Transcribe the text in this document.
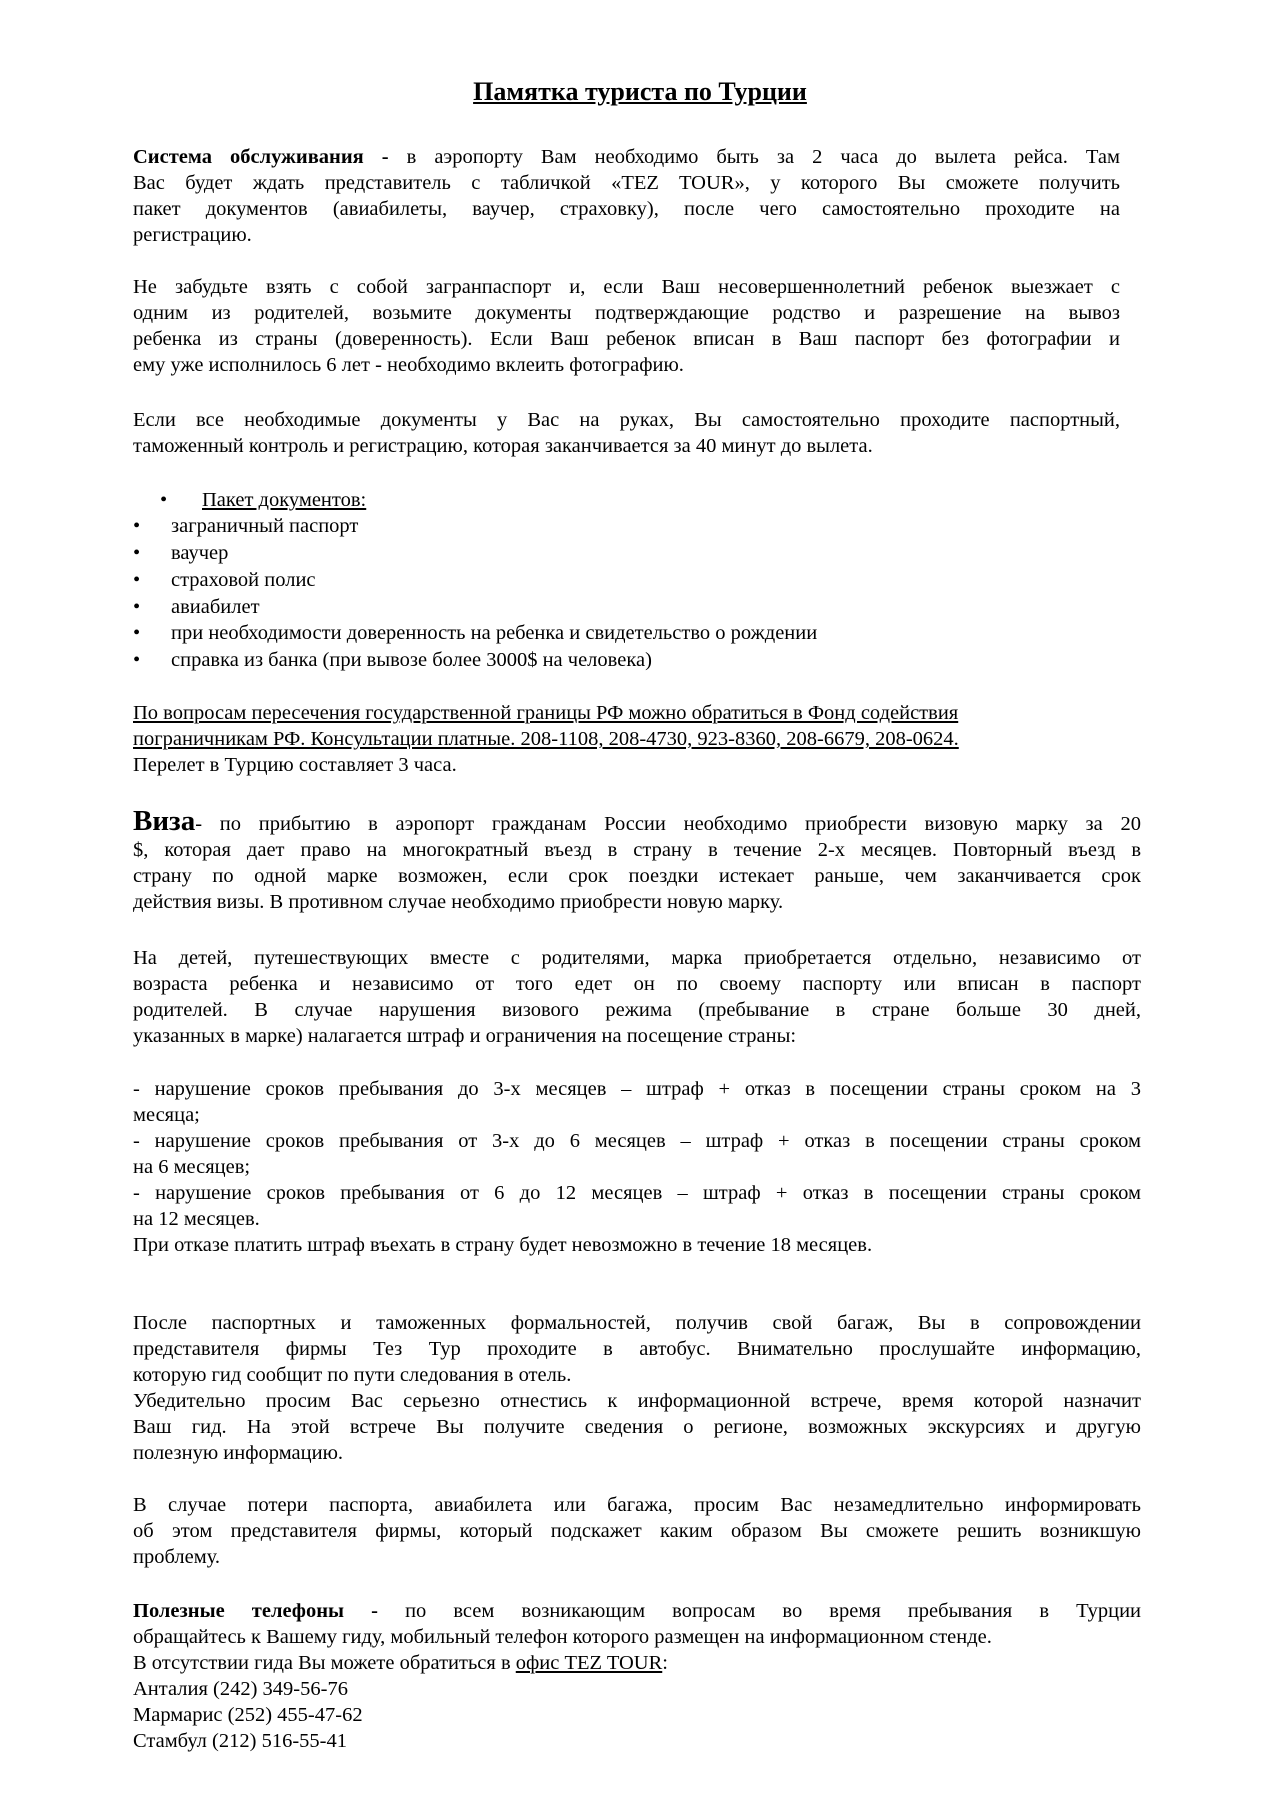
Памятка туриста по Турции
Система обслуживания - в аэропорту Вам необходимо быть за 2 часа до вылета рейса. Там
Вас будет ждать представитель с табличкой «TEZ TOUR», у которого Вы сможете получить
пакет документов (авиабилеты, ваучер, страховку), после чего самостоятельно проходите на
регистрацию.
Не забудьте взять с собой загранпаспорт и, если Ваш несовершеннолетний ребенок выезжает с
одним из родителей, возьмите документы подтверждающие родство и разрешение на вывоз
ребенка из страны (доверенность). Если Ваш ребенок вписан в Ваш паспорт без фотографии и
ему уже исполнилось 6 лет - необходимо вклеить фотографию.
Если все необходимые документы у Вас на руках, Вы самостоятельно проходите паспортный,
таможенный контроль и регистрацию, которая заканчивается за 40 минут до вылета.
• Пакет документов:
• заграничный паспорт
• ваучер
• страховой полис
• авиабилет
• при необходимости доверенность на ребенка и свидетельство о рождении
• справка из банка (при вывозе более 3000$ на человека)
По вопросам пересечения государственной границы РФ можно обратиться в Фонд содействия
пограничникам РФ. Консультации платные. 208-1108, 208-4730, 923-8360, 208-6679, 208-0624.
Перелет в Турцию составляет 3 часа.
Виза- по прибытию в аэропорт гражданам России необходимо приобрести визовую марку за 20
$, которая дает право на многократный въезд в страну в течение 2-х месяцев. Повторный въезд в
страну по одной марке возможен, если срок поездки истекает раньше, чем заканчивается срок
действия визы. В противном случае необходимо приобрести новую марку.
На детей, путешествующих вместе с родителями, марка приобретается отдельно, независимо от
возраста ребенка и независимо от того едет он по своему паспорту или вписан в паспорт
родителей. В случае нарушения визового режима (пребывание в стране больше 30 дней,
указанных в марке) налагается штраф и ограничения на посещение страны:
- нарушение сроков пребывания до 3-х месяцев – штраф + отказ в посещении страны сроком на 3
месяца;
- нарушение сроков пребывания от 3-х до 6 месяцев – штраф + отказ в посещении страны сроком
на 6 месяцев;
- нарушение сроков пребывания от 6 до 12 месяцев – штраф + отказ в посещении страны сроком
на 12 месяцев.
При отказе платить штраф въехать в страну будет невозможно в течение 18 месяцев.
После паспортных и таможенных формальностей, получив свой багаж, Вы в сопровождении
представителя фирмы Тез Тур проходите в автобус. Внимательно прослушайте информацию,
которую гид сообщит по пути следования в отель.
Убедительно просим Вас серьезно отнестись к информационной встрече, время которой назначит
Ваш гид. На этой встрече Вы получите сведения о регионе, возможных экскурсиях и другую
полезную информацию.
В случае потери паспорта, авиабилета или багажа, просим Вас незамедлительно информировать
об этом представителя фирмы, который подскажет каким образом Вы сможете решить возникшую
проблему.
Полезные телефоны - по всем возникающим вопросам во время пребывания в Турции
обращайтесь к Вашему гиду, мобильный телефон которого размещен на информационном стенде.
В отсутствии гида Вы можете обратиться в офис TEZ TOUR:
Анталия (242) 349-56-76
Мармарис (252) 455-47-62
Стамбул (212) 516-55-41
